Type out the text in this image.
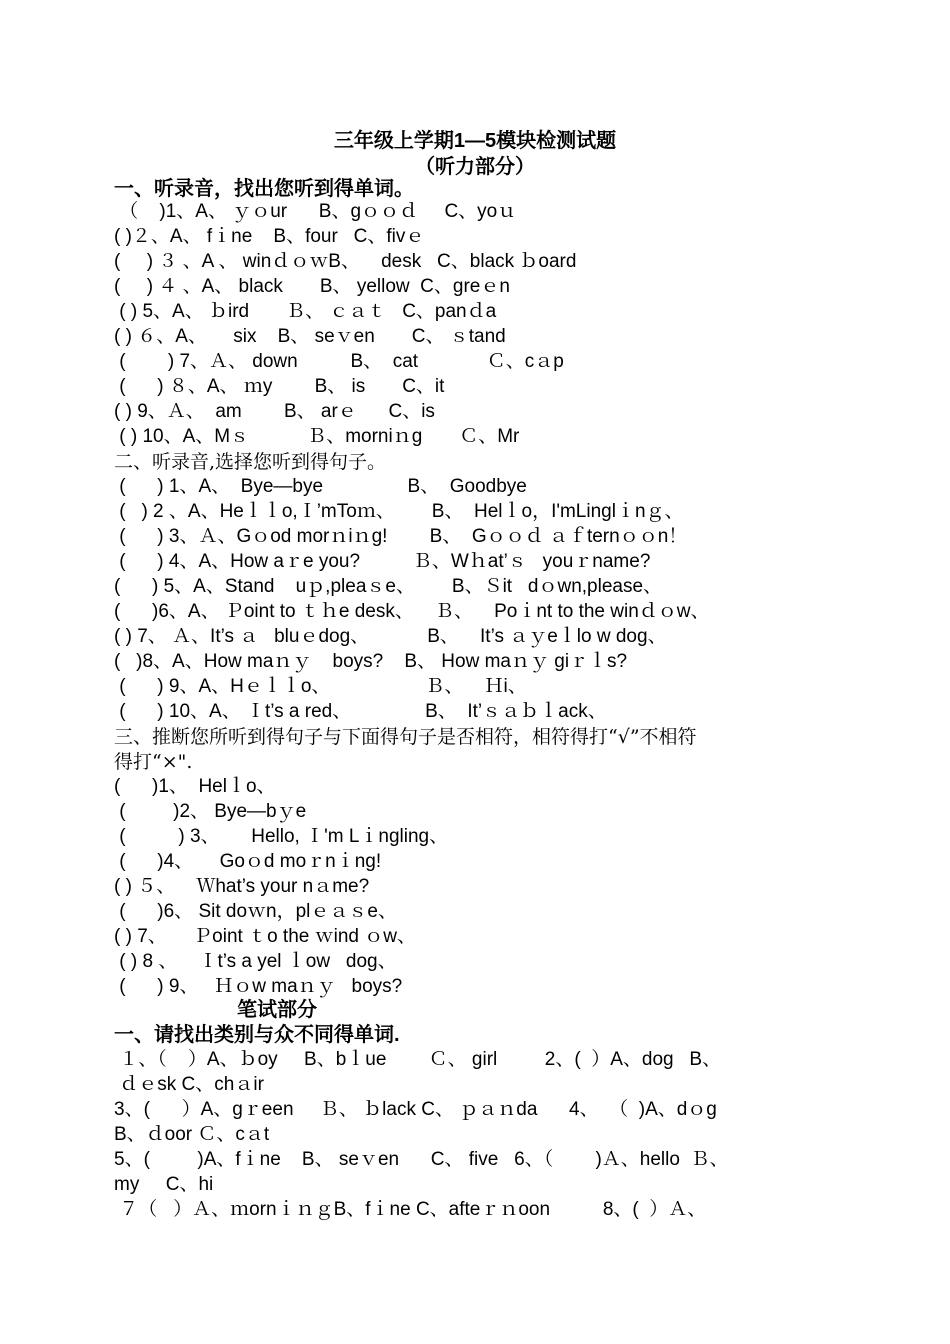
三年级上学期1—5模块检测试题
（听力部分）
一、听录音，找出您听到得单词。
（    )1、A、 ｙｏur      B、gｏｏｄ     C、yoｕ
( )２、A、 fｉne    B、four   C、fivｅ
(     ) ３ 、A 、 winｄｏｗB、    desk   C、black ｂoard
(     ) ４ 、A、 black       B、 yellow  C、greｅn
( ) 5、A、 ｂird       Ｂ、 ｃａｔ   C、panｄa
( ) ６、A、     six    B、 seｖen       C、 ｓtand
(        ) 7、Ａ、 down          B、  cat             Ｃ、cａp
(      ) ８、A、 ｍy        B、 is       C、it
( ) 9、Ａ、  am        B、 arｅ      C、is
( ) 10、A、Mｓ           Ｂ、morniｎg       Ｃ、Mr
二、听录音,选择您听到得句子。
(      ) 1、A、  Bye—bye                B、  Goodbye
(   ) 2 、A、Heｌｌo,Ｉ’mToｍ、       B、  Helｌo，I'mLinglｉnｇ、
(      ) 3、Ａ、Gｏod morｎiｎg!        B、  Gｏｏｄ ａｆternｏｏn！
(      ) 4、A、How aｒe you?          Ｂ、Wｈat’ｓ   youｒname?
(      ) 5、A、Stand    uｐ,pleaｓe、       B、Ｓit   dｏwn,please、
(      )6、A、 Ｐoint to ｔｈe desk、    Ｂ、    Poｉnt to the winｄｏw、
( ) 7、 Ａ、It’s ａ   bluｅdog、           B、    It’s ａｙeｌlo w dog、
(   )8、A、How maｎｙ    boys?    B、 How maｎｙ giｒｌs?
(      ) 9、A、Hｅｌｌo、                  Ｂ、    Ｈi、
(      ) 10、A、 Ｉt’s a red、              B、  It’ｓａｂｌack、
三、推断您所听到得句子与下面得句子是否相符，相符得打“√”不相符
得打“×".
(      )1、  Helｌo、
(         )2、 Bye—bｙe
(          ) 3、      Hello, Ｉ'm Lｉngling、
(      )4、     Goｏd moｒnｉng!
( ) ５、    Ｗhat’s your nａme?
(      )6、 Sit doｗn，plｅａｓe、
( ) 7、     Ｐoint ｔo the ｗind ｏw、
( ) 8 、    Ｉt’s a yel ｌow   dog、
(      ) 9、   Ｈｏw maｎｙ   boys?
笔试部分
一、请找出类别与众不同得单词.
１、（    ）A、ｂoy     B、bｌue        Ｃ、 girl         2、(  ）A、dog   B、
ｄｅsk C、chａir
3、(      ）A、gｒeen     Ｂ、 ｂlack C、 ｐａｎda      4、  （  )A、dｏg
B、ｄoor Ｃ、cａt
5、(         )A、fｉne    B、 seｖen      C、 five   6、（        )Ａ、hello  Ｂ、
my     C、hi
７（   ）Ａ、ｍornｉｎｇB、fｉne C、afteｒｎoon          8、(  ）Ａ、
